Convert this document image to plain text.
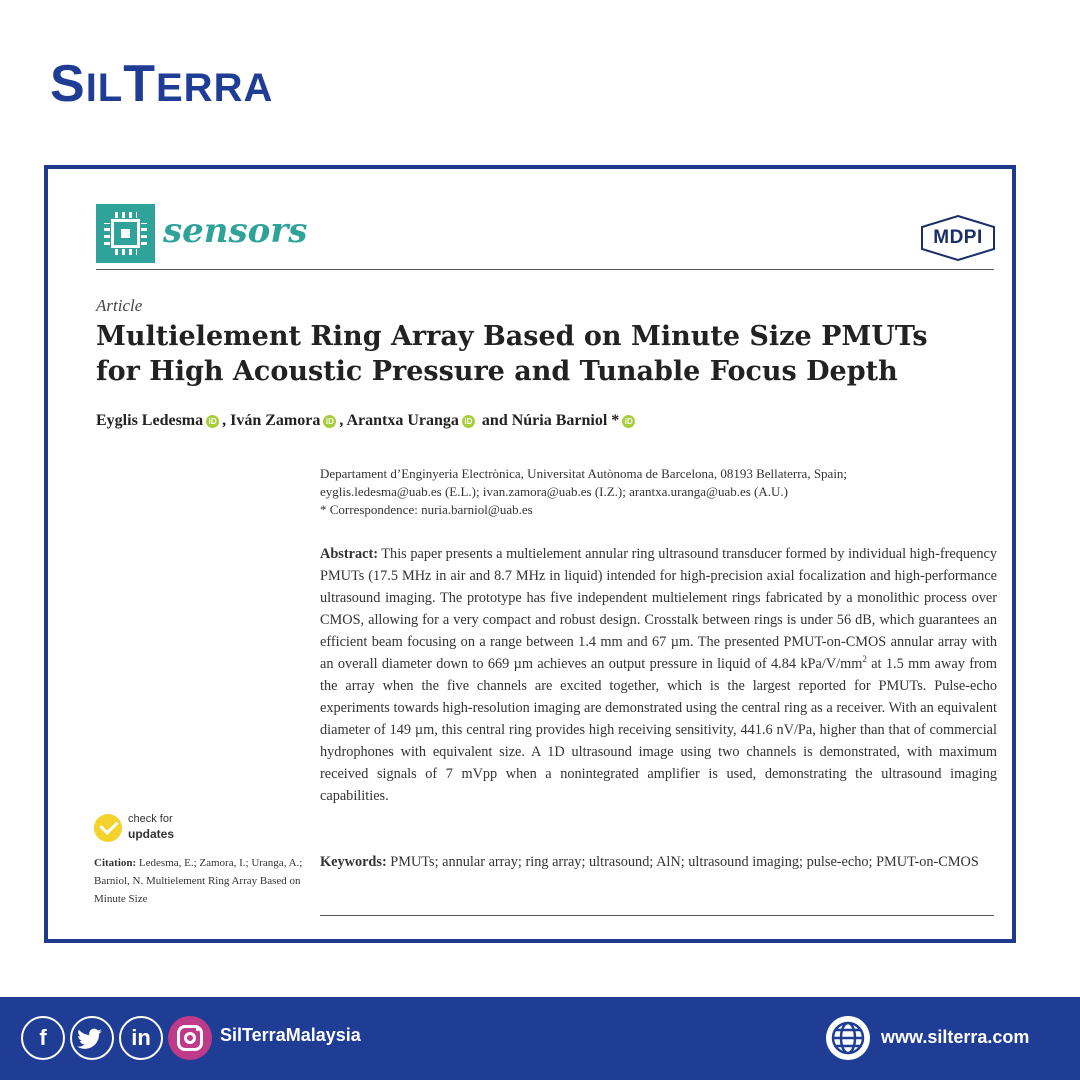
SILTERRA
sensors	MDPI
Article
Multielement Ring Array Based on Minute Size PMUTs for High Acoustic Pressure and Tunable Focus Depth
Eyglis Ledesma iD , Iván Zamora iD , Arantxa Uranga iD and Núria Barniol * iD
Departament d’Enginyeria Electrònica, Universitat Autònoma de Barcelona, 08193 Bellaterra, Spain;
eyglis.ledesma@uab.es (E.L.); ivan.zamora@uab.es (I.Z.); arantxa.uranga@uab.es (A.U.)
* Correspondence: nuria.barniol@uab.es
Abstract: This paper presents a multielement annular ring ultrasound transducer formed by individual high-frequency PMUTs (17.5 MHz in air and 8.7 MHz in liquid) intended for high-precision axial focalization and high-performance ultrasound imaging. The prototype has five independent multielement rings fabricated by a monolithic process over CMOS, allowing for a very compact and robust design. Crosstalk between rings is under 56 dB, which guarantees an efficient beam focusing on a range between 1.4 mm and 67 µm. The presented PMUT-on-CMOS annular array with an overall diameter down to 669 µm achieves an output pressure in liquid of 4.84 kPa/$V/mm^2$ at 1.5 mm away from the array when the five channels are excited together, which is the largest reported for PMUTs. Pulse-echo experiments towards high-resolution imaging are demonstrated using the central ring as a receiver. With an equivalent diameter of 149 µm, this central ring provides high receiving sensitivity, 441.6 nV/Pa, higher than that of commercial hydrophones with equivalent size. A 1D ultrasound image using two channels is demonstrated, with maximum received signals of 7 mVpp when a nonintegrated amplifier is used, demonstrating the ultrasound imaging capabilities.
check for
updates
Citation: Ledesma, E.; Zamora, I.; Uranga, A.; Barniol, N. Multielement Ring Array Based on Minute Size
Keywords: PMUTs; annular array; ring array; ultrasound; AlN; ultrasound imaging; pulse-echo; PMUT-on-CMOS
f	in	SilTerraMalaysia	www.silterra.com
